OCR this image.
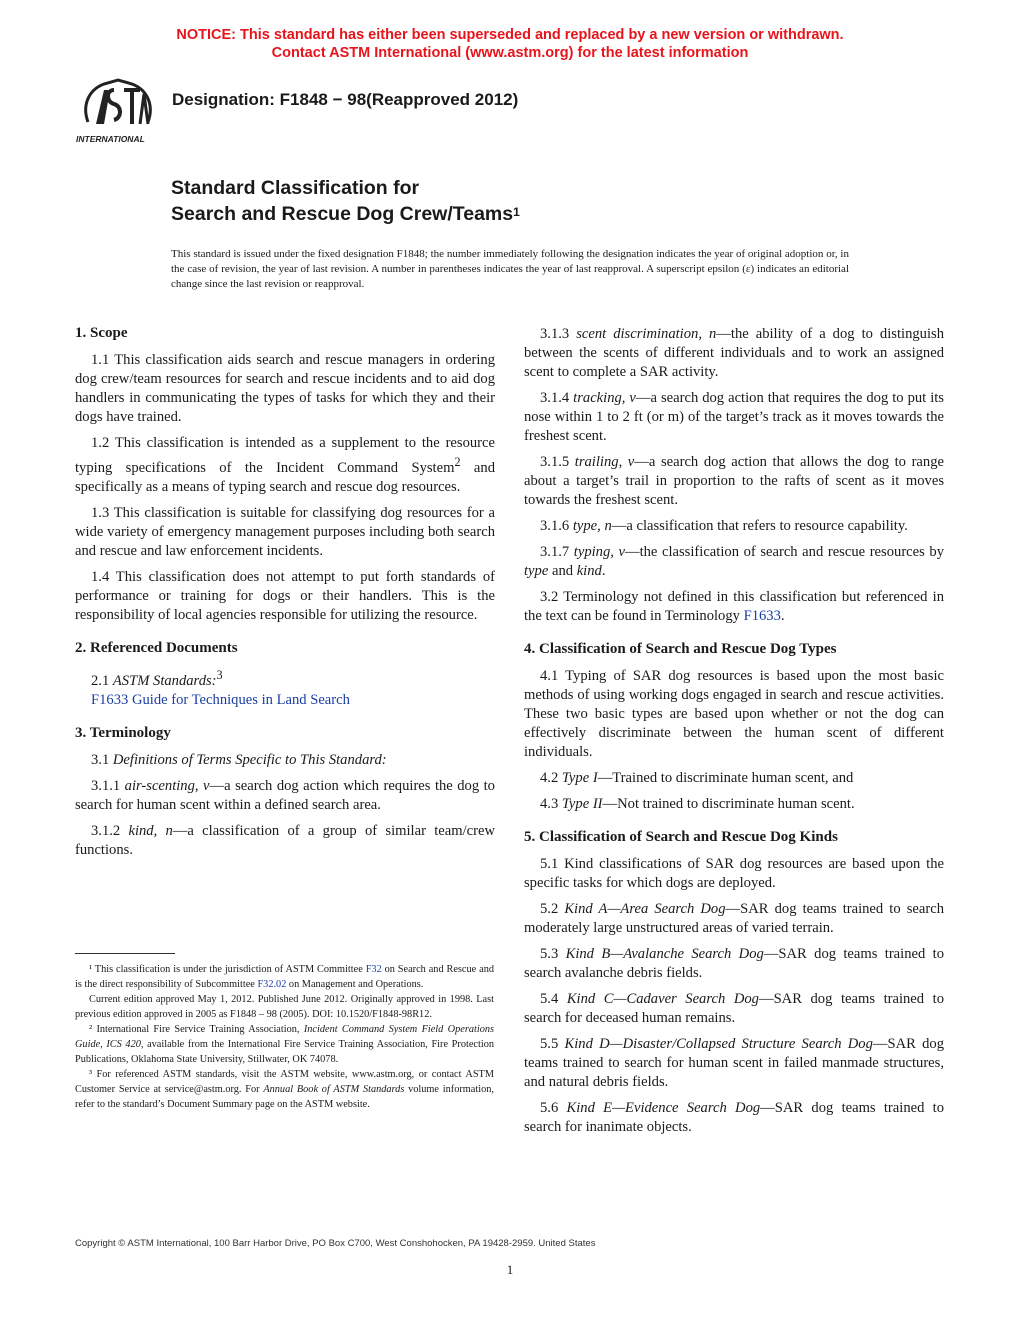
NOTICE: This standard has either been superseded and replaced by a new version or withdrawn.
Contact ASTM International (www.astm.org) for the latest information
INTERNATIONAL
Designation: F1848 − 98(Reapproved 2012)
Standard Classification for
Search and Rescue Dog Crew/Teams$^1$
This standard is issued under the fixed designation F1848; the number immediately following the designation indicates the year of original adoption or, in the case of revision, the year of last revision. A number in parentheses indicates the year of last reapproval. A superscript epsilon (ε) indicates an editorial change since the last revision or reapproval.
1. Scope

1.1 This classification aids search and rescue managers in ordering dog crew/team resources for search and rescue incidents and to aid dog handlers in communicating the types of tasks for which they and their dogs have trained.

1.2 This classification is intended as a supplement to the resource typing specifications of the Incident Command System$^2$ and specifically as a means of typing search and rescue dog resources.

1.3 This classification is suitable for classifying dog resources for a wide variety of emergency management purposes including both search and rescue and law enforcement incidents.

1.4 This classification does not attempt to put forth standards of performance or training for dogs or their handlers. This is the responsibility of local agencies responsible for utilizing the resource.

2. Referenced Documents

2.1 ASTM Standards:$^3$

F1633 Guide for Techniques in Land Search

3. Terminology

3.1 Definitions of Terms Specific to This Standard:

3.1.1 air-scenting, v—a search dog action which requires the dog to search for human scent within a defined search area.

3.1.2 kind, n—a classification of a group of similar team/crew functions.

3.1.3 scent discrimination, n—the ability of a dog to distinguish between the scents of different individuals and to work an assigned scent to complete a SAR activity.

3.1.4 tracking, v—a search dog action that requires the dog to put its nose within 1 to 2 ft (or m) of the target’s track as it moves towards the freshest scent.

3.1.5 trailing, v—a search dog action that allows the dog to range about a target’s trail in proportion to the rafts of scent as it moves towards the freshest scent.

3.1.6 type, n—a classification that refers to resource capability.

3.1.7 typing, v—the classification of search and rescue resources by type and kind.

3.2 Terminology not defined in this classification but referenced in the text can be found in Terminology F1633.

4. Classification of Search and Rescue Dog Types

4.1 Typing of SAR dog resources is based upon the most basic methods of using working dogs engaged in search and rescue activities. These two basic types are based upon whether or not the dog can effectively discriminate between the human scent of different individuals.

4.2 Type I—Trained to discriminate human scent, and

4.3 Type II—Not trained to discriminate human scent.

5. Classification of Search and Rescue Dog Kinds

5.1 Kind classifications of SAR dog resources are based upon the specific tasks for which dogs are deployed.

5.2 Kind A—Area Search Dog—SAR dog teams trained to search moderately large unstructured areas of varied terrain.

5.3 Kind B—Avalanche Search Dog—SAR dog teams trained to search avalanche debris fields.

5.4 Kind C—Cadaver Search Dog—SAR dog teams trained to search for deceased human remains.

5.5 Kind D—Disaster/Collapsed Structure Search Dog—SAR dog teams trained to search for human scent in failed manmade structures, and natural debris fields.

5.6 Kind E—Evidence Search Dog—SAR dog teams trained to search for inanimate objects.

¹ This classification is under the jurisdiction of ASTM Committee F32 on Search and Rescue and is the direct responsibility of Subcommittee F32.02 on Management and Operations.

Current edition approved May 1, 2012. Published June 2012. Originally approved in 1998. Last previous edition approved in 2005 as F1848 – 98 (2005). DOI: 10.1520/F1848-98R12.

² International Fire Service Training Association, Incident Command System Field Operations Guide, ICS 420, available from the International Fire Service Training Association, Fire Protection Publications, Oklahoma State University, Stillwater, OK 74078.

³ For referenced ASTM standards, visit the ASTM website, www.astm.org, or contact ASTM Customer Service at service@astm.org. For Annual Book of ASTM Standards volume information, refer to the standard’s Document Summary page on the ASTM website.

Copyright © ASTM International, 100 Barr Harbor Drive, PO Box C700, West Conshohocken, PA 19428-2959. United States
1
